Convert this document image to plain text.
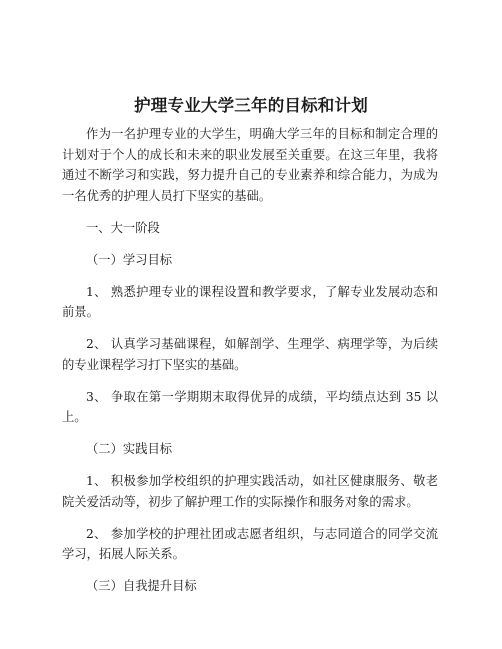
护理专业大学三年的目标和计划

作为一名护理专业的大学生，明确大学三年的目标和制定合理的计划对于个人的成长和未来的职业发展至关重要。在这三年里，我将通过不断学习和实践，努力提升自己的专业素养和综合能力，为成为一名优秀的护理人员打下坚实的基础。

一、大一阶段

（一）学习目标

1、 熟悉护理专业的课程设置和教学要求，了解专业发展动态和前景。

2、 认真学习基础课程，如解剖学、生理学、病理学等，为后续的专业课程学习打下坚实的基础。

3、 争取在第一学期期末取得优异的成绩，平均绩点达到 35 以上。

（二）实践目标

1、 积极参加学校组织的护理实践活动，如社区健康服务、敬老院关爱活动等，初步了解护理工作的实际操作和服务对象的需求。

2、 参加学校的护理社团或志愿者组织，与志同道合的同学交流学习，拓展人际关系。

（三）自我提升目标
